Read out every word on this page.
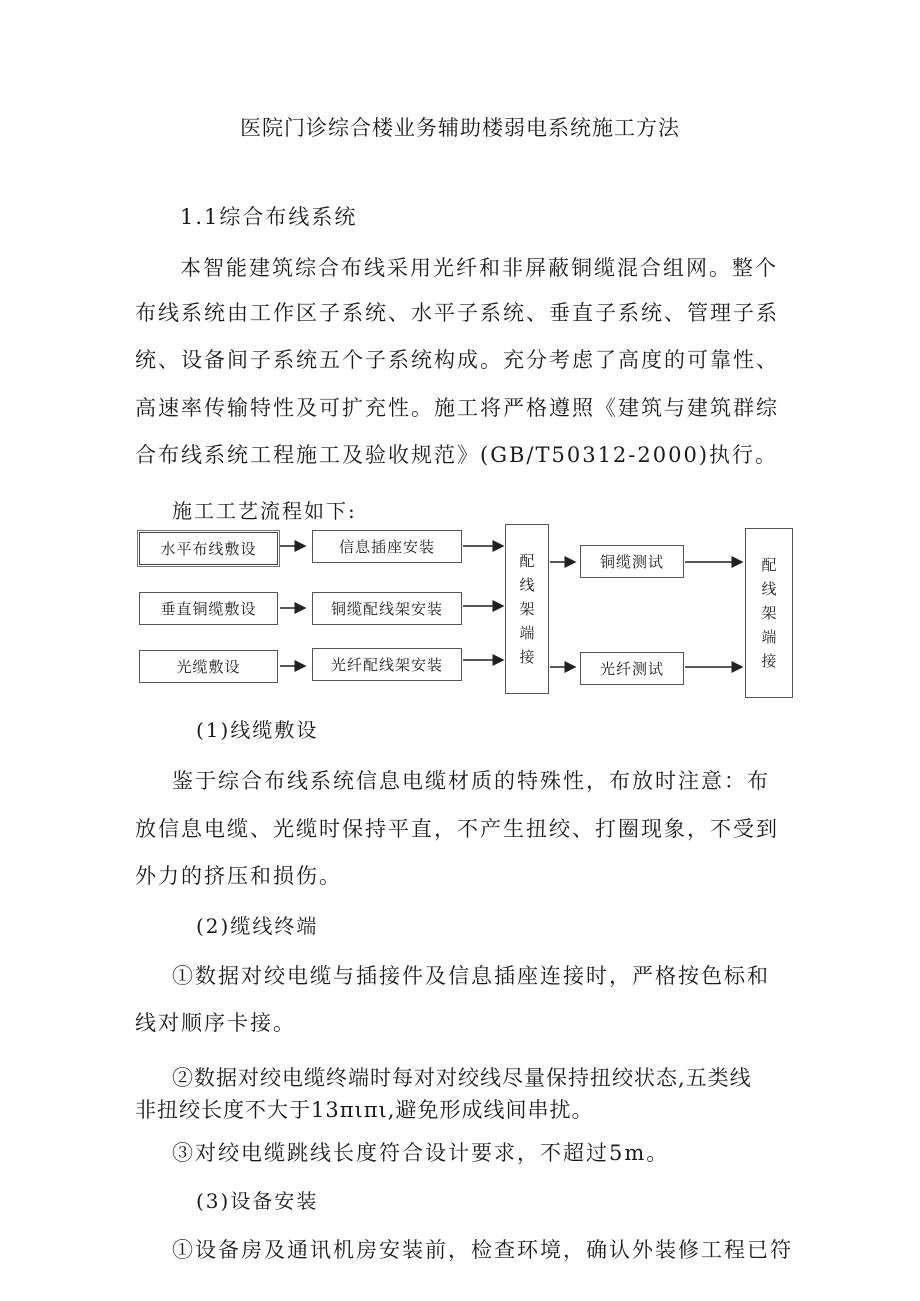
医院门诊综合楼业务辅助楼弱电系统施工方法
1.1综合布线系统
本智能建筑综合布线采用光纤和非屏蔽铜缆混合组网。整个
布线系统由工作区子系统、水平子系统、垂直子系统、管理子系
统、设备间子系统五个子系统构成。充分考虑了高度的可靠性、
高速率传输特性及可扩充性。施工将严格遵照《建筑与建筑群综
合布线系统工程施工及验收规范》(GB/T50312-2000)执行。
施工工艺流程如下:
水平布线敷设
垂直铜缆敷设
光缆敷设
信息插座安装
铜缆配线架安装
光纤配线架安装
配
线
架
端
接
铜缆测试
光纤测试
配
线
架
端
接
(1)线缆敷设
鉴于综合布线系统信息电缆材质的特殊性，布放时注意：布
放信息电缆、光缆时保持平直，不产生扭绞、打圈现象，不受到
外力的挤压和损伤。
(2)缆线终端
①数据对绞电缆与插接件及信息插座连接时，严格按色标和
线对顺序卡接。
②数据对绞电缆终端时每对对绞线尽量保持扭绞状态,五类线
非扭绞长度不大于13πιπι,避免形成线间串扰。
③对绞电缆跳线长度符合设计要求，不超过5m。
(3)设备安装
①设备房及通讯机房安装前，检查环境，确认外装修工程已符
